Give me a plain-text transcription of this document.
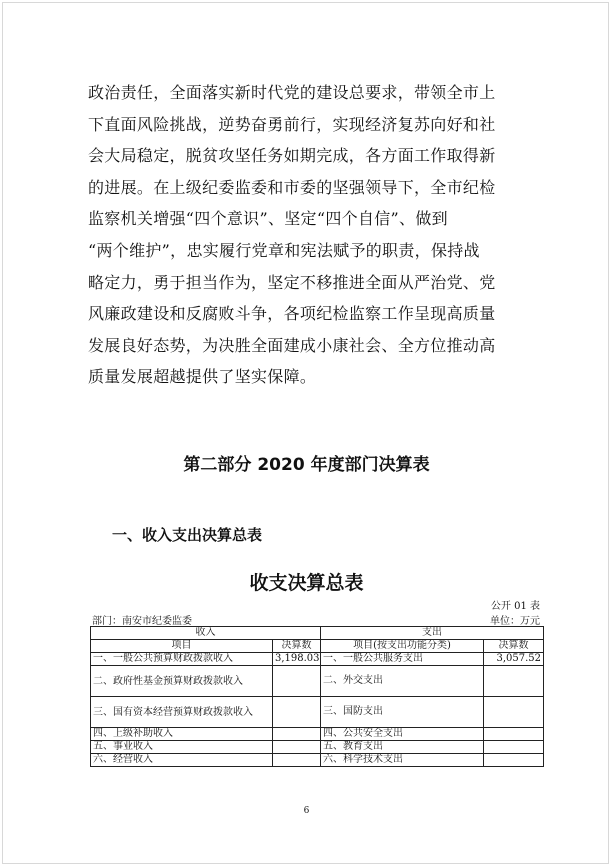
政治责任，全面落实新时代党的建设总要求，带领全市上
下直面风险挑战，逆势奋勇前行，实现经济复苏向好和社
会大局稳定，脱贫攻坚任务如期完成，各方面工作取得新
的进展。在上级纪委监委和市委的坚强领导下，全市纪检
监察机关增强“四个意识”、坚定“四个自信”、做到
“两个维护”，忠实履行党章和宪法赋予的职责，保持战
略定力，勇于担当作为，坚定不移推进全面从严治党、党
风廉政建设和反腐败斗争，各项纪检监察工作呈现高质量
发展良好态势，为决胜全面建成小康社会、全方位推动高
质量发展超越提供了坚实保障。
第二部分 2020 年度部门决算表
一、收入支出决算总表
收支决算总表
公开 01 表
部门：南安市纪委监委	单位：万元
收入		支出	
项目	决算数	项目(按支出功能分类)	决算数
一、一般公共预算财政拨款收入	3,198.03	一、一般公共服务支出	3,057.52
二、政府性基金预算财政拨款收入		二、外交支出	
三、国有资本经营预算财政拨款收入		三、国防支出	
四、上级补助收入		四、公共安全支出	
五、事业收入		五、教育支出	
六、经营收入		六、科学技术支出	
6
